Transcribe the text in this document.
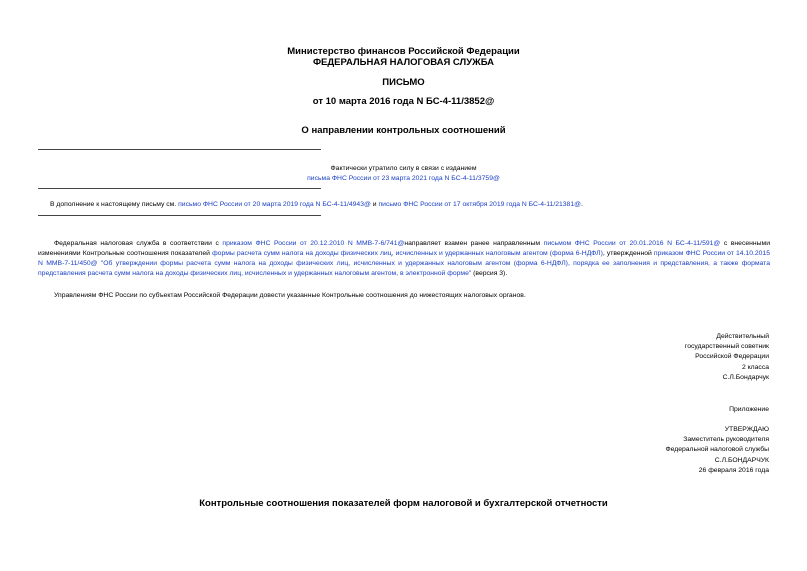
Министерство финансов Российской Федерации
ФЕДЕРАЛЬНАЯ НАЛОГОВАЯ СЛУЖБА
ПИСЬМО
от 10 марта 2016 года N БС-4-11/3852@
О направлении контрольных соотношений
Фактически утратило силу в связи с изданием
письма ФНС России от 23 марта 2021 года N БС-4-11/3759@
В дополнение к настоящему письму см. письмо ФНС России от 20 марта 2019 года N БС-4-11/4943@ и письмо ФНС России от 17 октября 2019 года N БС-4-11/21381@.
Федеральная налоговая служба в соответствии с приказом ФНС России от 20.12.2010 N ММВ-7-6/741@направляет взамен ранее направленным письмом ФНС России от 20.01.2016 N БС-4-11/591@ с внесенными изменениями Контрольные соотношения показателей формы расчета сумм налога на доходы физических лиц, исчисленных и удержанных налоговым агентом (форма 6-НДФЛ), утвержденной приказом ФНС России от 14.10.2015 N ММВ-7-11/450@ "Об утверждении формы расчета сумм налога на доходы физических лиц, исчисленных и удержанных налоговым агентом (форма 6-НДФЛ), порядка ее заполнения и представления, а также формата представления расчета сумм налога на доходы физических лиц, исчисленных и удержанных налоговым агентом, в электронной форме" (версия 3).
Управлениям ФНС России по субъектам Российской Федерации довести указанные Контрольные соотношения до нижестоящих налоговых органов.
Действительный
государственный советник
Российской Федерации
2 класса
С.Л.Бондарчук
Приложение
УТВЕРЖДАЮ
Заместитель руководителя
Федеральной налоговой службы
С.Л.БОНДАРЧУК
26 февраля 2016 года
Контрольные соотношения показателей форм налоговой и бухгалтерской отчетности
